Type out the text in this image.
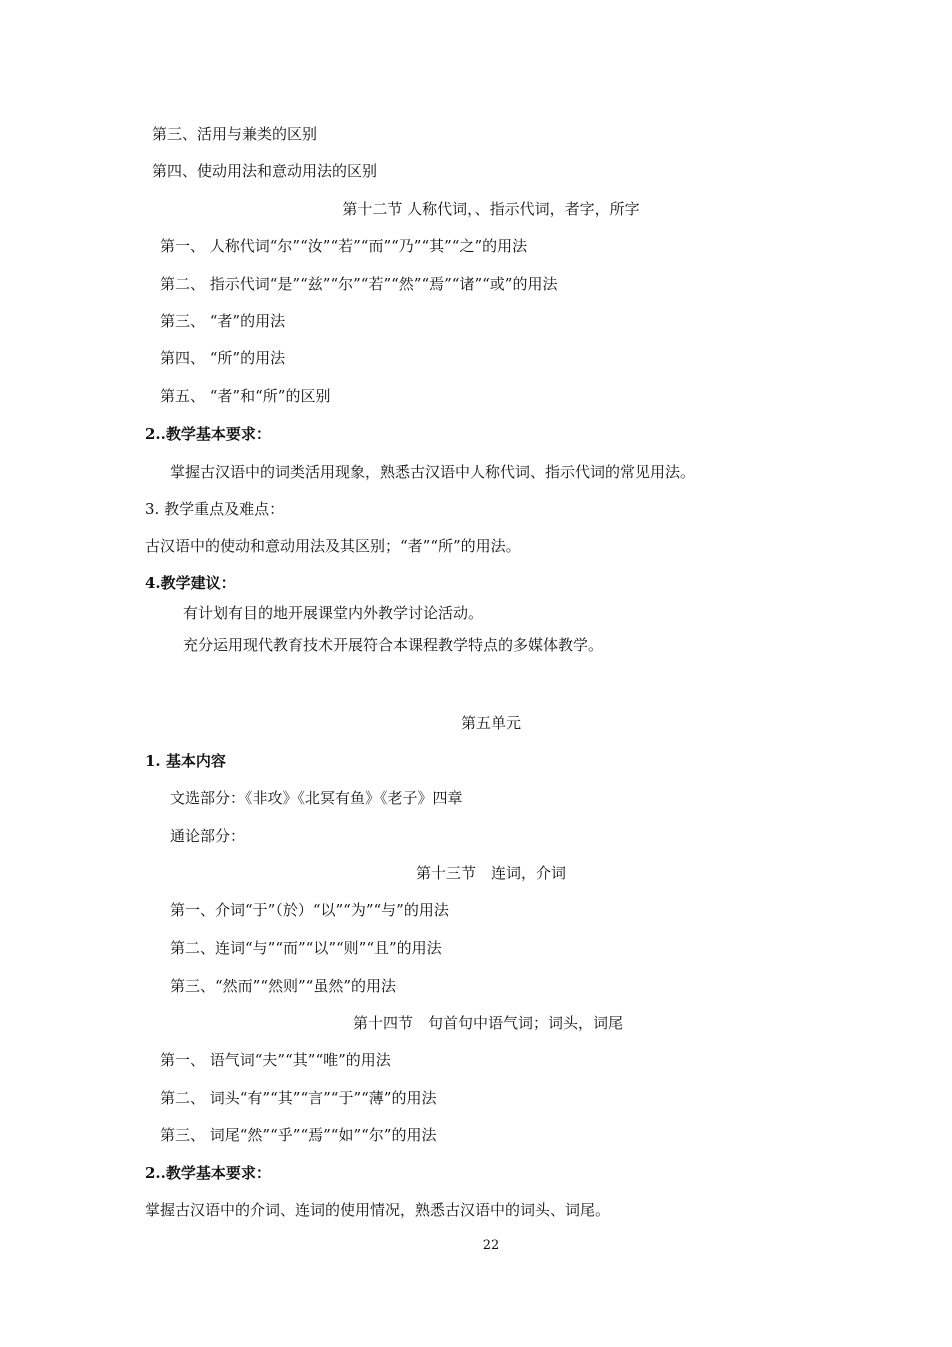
第三、活用与兼类的区别
第四、使动用法和意动用法的区别
第十二节 人称代词，、指示代词，者字，所字
第一、 人称代词“尔”“汝”“若”“而”“乃”“其”“之”的用法
第二、 指示代词“是”“兹”“尔”“若”“然”“焉”“诸”“或”的用法
第三、 “者”的用法
第四、 “所”的用法
第五、 “者”和“所”的区别
2..教学基本要求：
掌握古汉语中的词类活用现象，熟悉古汉语中人称代词、指示代词的常见用法。
3. 教学重点及难点：
古汉语中的使动和意动用法及其区别；“者”“所”的用法。
4.教学建议：
有计划有目的地开展课堂内外教学讨论活动。
充分运用现代教育技术开展符合本课程教学特点的多媒体教学。
第五单元
1. 基本内容
文选部分：《非攻》《北冥有鱼》《老子》四章
通论部分：
第十三节　连词，介词
第一、介词“于”（於）“以”“为”“与”的用法
第二、连词“与”“而”“以”“则”“且”的用法
第三、“然而”“然则”“虽然”的用法
第十四节　句首句中语气词；词头，词尾
第一、 语气词“夫”“其”“唯”的用法
第二、 词头“有”“其”“言”“于”“薄”的用法
第三、 词尾“然”“乎”“焉”“如”“尔”的用法
2..教学基本要求：
掌握古汉语中的介词、连词的使用情况，熟悉古汉语中的词头、词尾。
22
